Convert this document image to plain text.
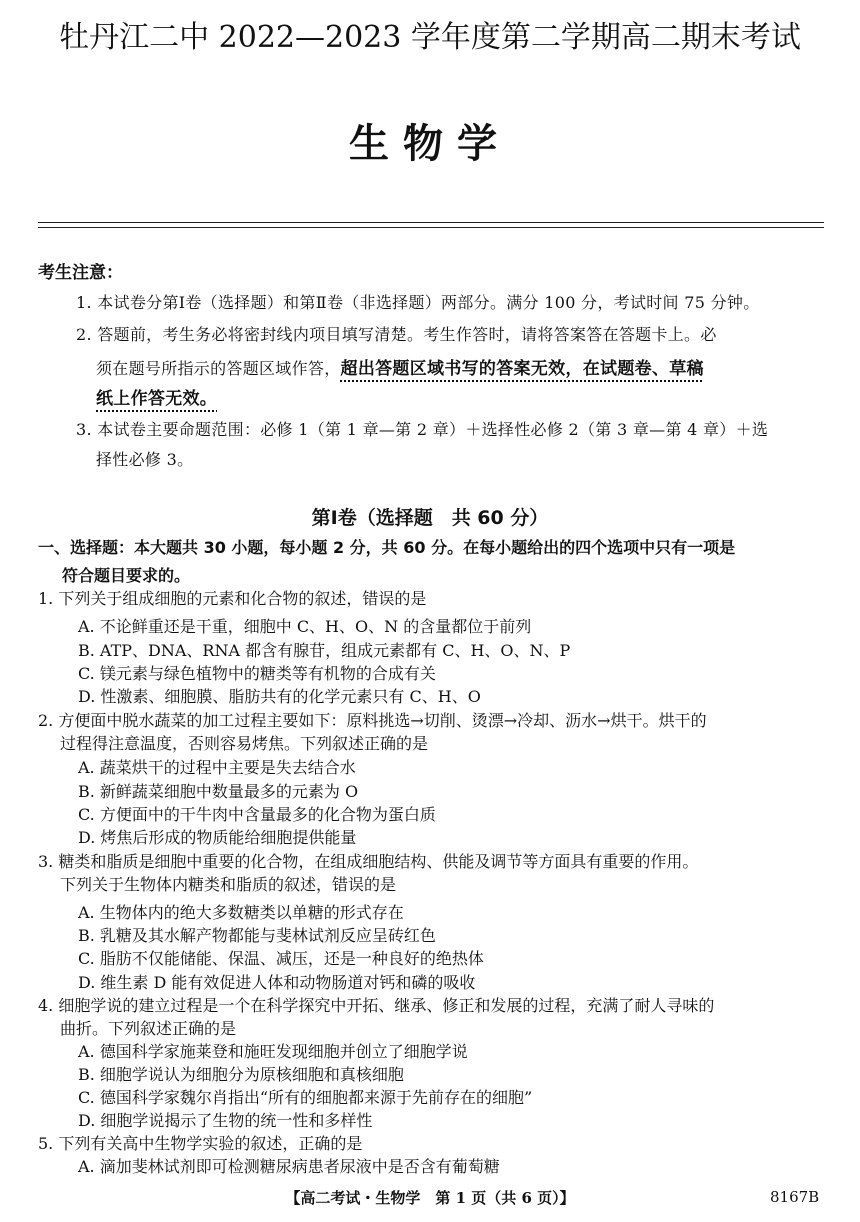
牡丹江二中 2022—2023 学年度第二学期高二期末考试
生物学
考生注意：
1. 本试卷分第Ⅰ卷（选择题）和第Ⅱ卷（非选择题）两部分。满分 100 分，考试时间 75 分钟。
2. 答题前，考生务必将密封线内项目填写清楚。考生作答时，请将答案答在答题卡上。必
须在题号所指示的答题区域作答，超出答题区域书写的答案无效，在试题卷、草稿
纸上作答无效。
3. 本试卷主要命题范围：必修 1（第 1 章—第 2 章）＋选择性必修 2（第 3 章—第 4 章）＋选
择性必修 3。
第Ⅰ卷（选择题　共 60 分）
一、选择题：本大题共 30 小题，每小题 2 分，共 60 分。在每小题给出的四个选项中只有一项是
符合题目要求的。
1. 下列关于组成细胞的元素和化合物的叙述，错误的是
A. 不论鲜重还是干重，细胞中 C、H、O、N 的含量都位于前列
B. ATP、DNA、RNA 都含有腺苷，组成元素都有 C、H、O、N、P
C. 镁元素与绿色植物中的糖类等有机物的合成有关
D. 性激素、细胞膜、脂肪共有的化学元素只有 C、H、O
2. 方便面中脱水蔬菜的加工过程主要如下：原料挑选→切削、烫漂→冷却、沥水→烘干。烘干的
过程得注意温度，否则容易烤焦。下列叙述正确的是
A. 蔬菜烘干的过程中主要是失去结合水
B. 新鲜蔬菜细胞中数量最多的元素为 O
C. 方便面中的干牛肉中含量最多的化合物为蛋白质
D. 烤焦后形成的物质能给细胞提供能量
3. 糖类和脂质是细胞中重要的化合物，在组成细胞结构、供能及调节等方面具有重要的作用。
下列关于生物体内糖类和脂质的叙述，错误的是
A. 生物体内的绝大多数糖类以单糖的形式存在
B. 乳糖及其水解产物都能与斐林试剂反应呈砖红色
C. 脂肪不仅能储能、保温、减压，还是一种良好的绝热体
D. 维生素 D 能有效促进人体和动物肠道对钙和磷的吸收
4. 细胞学说的建立过程是一个在科学探究中开拓、继承、修正和发展的过程，充满了耐人寻味的
曲折。下列叙述正确的是
A. 德国科学家施莱登和施旺发现细胞并创立了细胞学说
B. 细胞学说认为细胞分为原核细胞和真核细胞
C. 德国科学家魏尔肖指出“所有的细胞都来源于先前存在的细胞”
D. 细胞学说揭示了生物的统一性和多样性
5. 下列有关高中生物学实验的叙述，正确的是
A. 滴加斐林试剂即可检测糖尿病患者尿液中是否含有葡萄糖
【高二考试・生物学　第 1 页（共 6 页）】	8167B
